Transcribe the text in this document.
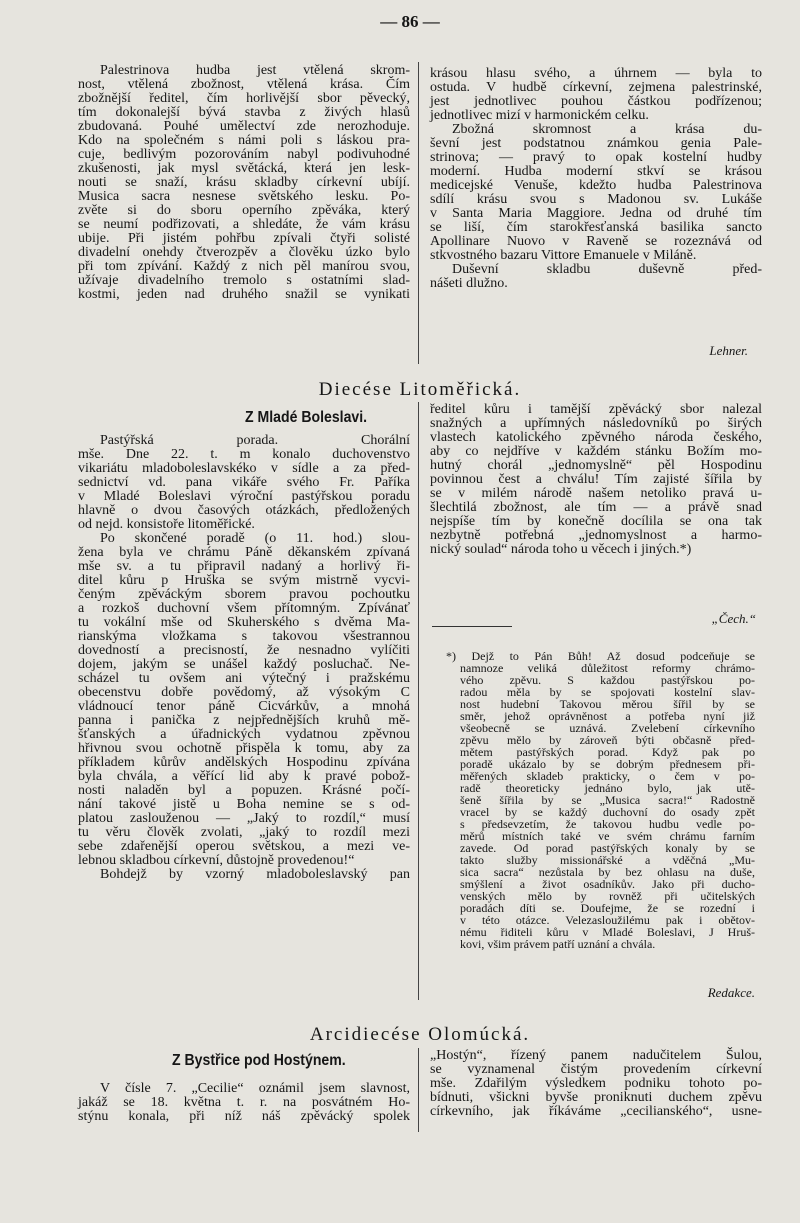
— 86 —
Palestrinova hudba jest vtělená skrom-
nost, vtělená zbožnost, vtělená krása. Čím
zbožnější ředitel, čím horlivější sbor pěvecký,
tím dokonalejší bývá stavba z živých hlasů
zbudovaná. Pouhé umělectví zde nerozhoduje.
Kdo na společném s námi poli s láskou pra-
cuje, bedlivým pozorováním nabyl podivuhodné
zkušenosti, jak mysl světácká, která jen lesk-
nouti se snaží, krásu skladby církevní ubíjí.
Musica sacra nesnese světského lesku. Po-
zvěte si do sboru operního zpěváka, který
se neumí podřizovati, a shledáte, že vám krásu
ubije. Při jistém pohřbu zpívali čtyři solisté
divadelní onehdy čtverozpěv a člověku úzko bylo
při tom zpívání. Každý z nich pěl manírou svou,
užívaje divadelního tremolo s ostatními slad-
kostmi, jeden nad druhého snažil se vynikati
krásou hlasu svého, a úhrnem — byla to
ostuda. V hudbě církevní, zejmena palestrinské,
jest jednotlivec pouhou částkou podřízenou;
jednotlivec mizí v harmonickém celku.
Zbožná skromnost a krása du-
ševní jest podstatnou známkou genia Pale-
strinova; — pravý to opak kostelní hudby
moderní. Hudba moderní stkví se krásou
medicejské Venuše, kdežto hudba Palestrinova
sdílí krásu svou s Madonou sv. Lukáše
v Santa Maria Maggiore. Jedna od druhé tím
se liší, čím starokřesťanská basilika sancto
Apollinare Nuovo v Raveně se rozeznává od
stkvostného bazaru Vittore Emanuele v Miláně.
Duševní skladbu duševně před-
nášeti dlužno.
Lehner.
Diecése Litoměřická.
Z Mladé Boleslavi.
Pastýřská porada. Chorální
mše. Dne 22. t. m konalo duchovenstvo
vikariátu mladoboleslavskéko v sídle a za před-
sednictví vd. pana vikáře svého Fr. Paříka
v Mladé Boleslavi výroční pastýřskou poradu
hlavně o dvou časových otázkách, předložených
od nejd. konsistoře litoměřické.
Po skončené poradě (o 11. hod.) slou-
žena byla ve chrámu Páně děkanském zpívaná
mše sv. a tu připravil nadaný a horlivý ři-
ditel kůru p Hruška se svým mistrně vycvi-
čeným zpěváckým sborem pravou pochoutku
a rozkoš duchovní všem přítomným. Zpívánať
tu vokální mše od Skuherského s dvěma Ma-
rianskýma vložkama s takovou všestrannou
dovedností a precisností, že nesnadno vylíčiti
dojem, jakým se unášel každý posluchač. Ne-
scházel tu ovšem ani výtečný i pražskému
obecenstvu dobře povědomý, až výsokým C
vládnoucí tenor páně Cicvárkův, a mnohá
panna i panička z nejpřednějších kruhů mě-
šťanských a úřadnických vydatnou zpěvnou
hřivnou svou ochotně přispěla k tomu, aby za
příkladem kůrův andělských Hospodinu zpívána
byla chvála, a věřící lid aby k pravé pobož-
nosti naladěn byl a popuzen. Krásné počí-
nání takové jistě u Boha nemine se s od-
platou zaslouženou — „Jaký to rozdíl,“ musí
tu věru člověk zvolati, „jaký to rozdíl mezi
sebe zdařenější operou světskou, a mezi ve-
lebnou skladbou církevní, důstojně provedenou!“
Bohdejž by vzorný mladoboleslavský pan
ředitel kůru i tamější zpěvácký sbor nalezal
snažných a upřímných následovníků po širých
vlastech katolického zpěvného národa českého,
aby co nejdříve v každém stánku Božím mo-
hutný chorál „jednomyslně“ pěl Hospodinu
povinnou čest a chválu! Tím zajisté šířila by
se v milém národě našem netoliko pravá u-
šlechtilá zbožnost, ale tím — a právě snad
nejspíše tím by konečně docílila se ona tak
nezbytně potřebná „jednomyslnost a harmo-
nický soulad“ národa toho u věcech i jiných.*)
„Čech.“
*) Dejž to Pán Bůh! Až dosud podceňuje se
namnoze veliká důležitost reformy chrámo-
vého zpěvu. S každou pastýřskou po-
radou měla by se spojovati kostelní slav-
nost hudební Takovou měrou šířil by se
směr, jehož oprávněnost a potřeba nyní již
všeobecně se uznává. Zvelebení církevního
zpěvu mělo by zároveň býti občasně před-
mětem pastýřských porad. Když pak po
poradě ukázalo by se dobrým přednesem při-
měřených skladeb prakticky, o čem v po-
radě theoreticky jednáno bylo, jak utě-
šeně šířila by se „Musica sacra!“ Radostně
vracel by se každý duchovní do osady zpět
s předsevzetím, že takovou hudbu vedle po-
měrů místních také ve svém chrámu farním
zavede. Od porad pastýřských konaly by se
takto služby missionářské a vděčná „Mu-
sica sacra“ nezůstala by bez ohlasu na duše,
smýšlení a život osadníkův. Jako při ducho-
venských mělo by rovněž při učitelských
poradách díti se. Doufejme, že se rozední i
v této otázce. Velezasloužilému pak i obětov-
nému řiditeli kůru v Mladé Boleslavi, J Hruš-
kovi, všim právem patří uznání a chvála.
Redakce.
Arcidiecése Olomúcká.
Z Bystřice pod Hostýnem.
V čísle 7. „Cecilie“ oznámil jsem slavnost,
jakáž se 18. května t. r. na posvátném Ho-
stýnu konala, při níž náš zpěvácký spolek
„Hostýn“, řízený panem nadučitelem Šulou,
se vyznamenal čistým provedením církevní
mše. Zdařilým výsledkem podniku tohoto po-
bídnuti, všickni byvše proniknuti duchem zpěvu
církevního, jak říkáváme „cecilianského“, usne-
